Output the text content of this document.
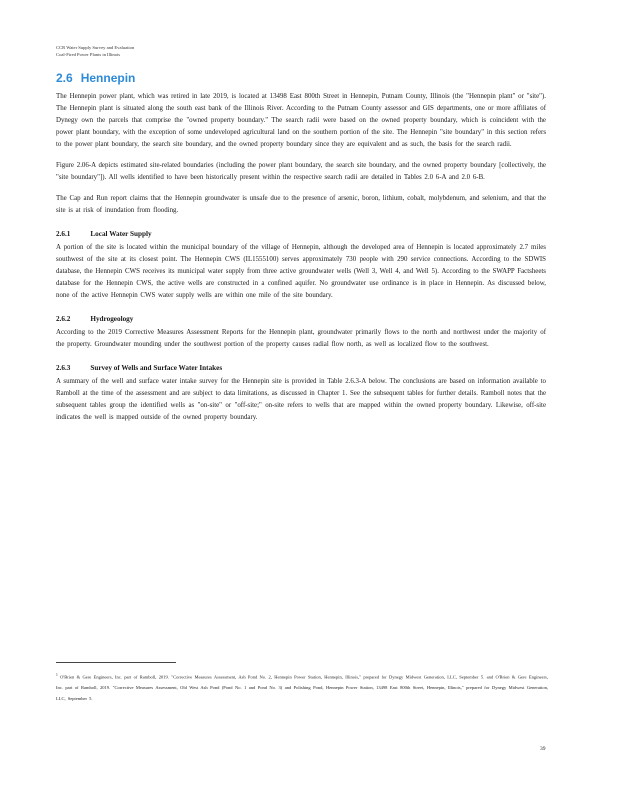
CCR Water Supply Survey and Evaluation
Coal-Fired Power Plants in Illinois
2.6 Hennepin

The Hennepin power plant, which was retired in late 2019, is located at 13498 East 800th Street in Hennepin, Putnam County, Illinois (the "Hennepin plant" or "site"). The Hennepin plant is situated along the south east bank of the Illinois River. According to the Putnam County assessor and GIS departments, one or more affiliates of Dynegy own the parcels that comprise the "owned property boundary." The search radii were based on the owned property boundary, which is coincident with the power plant boundary, with the exception of some undeveloped agricultural land on the southern portion of the site. The Hennepin "site boundary" in this section refers to the power plant boundary, the search site boundary, and the owned property boundary since they are equivalent and as such, the basis for the search radii.

Figure 2.06-A depicts estimated site-related boundaries (including the power plant boundary, the search site boundary, and the owned property boundary [collectively, the "site boundary"]). All wells identified to have been historically present within the respective search radii are detailed in Tables 2.0 6-A and 2.0 6-B.

The Cap and Run report claims that the Hennepin groundwater is unsafe due to the presence of arsenic, boron, lithium, cobalt, molybdenum, and selenium, and that the site is at risk of inundation from flooding.

2.6.1	Local Water Supply

A portion of the site is located within the municipal boundary of the village of Hennepin, although the developed area of Hennepin is located approximately 2.7 miles southwest of the site at its closest point. The Hennepin CWS (IL1555100) serves approximately 730 people with 290 service connections. According to the SDWIS database, the Hennepin CWS receives its municipal water supply from three active groundwater wells (Well 3, Well 4, and Well 5). According to the SWAPP Factsheets database for the Hennepin CWS, the active wells are constructed in a confined aquifer. No groundwater use ordinance is in place in Hennepin. As discussed below, none of the active Hennepin CWS water supply wells are within one mile of the site boundary.

2.6.2	Hydrogeology

According to the 2019 Corrective Measures Assessment Reports for the Hennepin plant, groundwater primarily flows to the north and northwest under the majority of the property. Groundwater mounding under the southwest portion of the property causes radial flow north, as well as localized flow to the southwest.

2.6.3	Survey of Wells and Surface Water Intakes

A summary of the well and surface water intake survey for the Hennepin site is provided in Table 2.6.3-A below. The conclusions are based on information available to Ramboll at the time of the assessment and are subject to data limitations, as discussed in Chapter 1. See the subsequent tables for further details. Ramboll notes that the subsequent tables group the identified wells as "on-site" or "off-site;" on-site refers to wells that are mapped within the owned property boundary. Likewise, off-site indicates the well is mapped outside of the owned property boundary.

$^1$ O'Brien & Gere Engineers, Inc. part of Ramboll, 2019. "Corrective Measures Assessment, Ash Pond No. 2, Hennepin Power Station, Hennepin, Illinois," prepared for Dynegy Midwest Generation, LLC, September 5. and O'Brien & Gere Engineers, Inc. part of Ramboll, 2019. "Corrective Measures Assessment, Old West Ash Pond (Pond No. 1 and Pond No. 3) and Polishing Pond, Hennepin Power Station, 13498 East 800th Street, Hennepin, Illinois," prepared for Dynegy Midwest Generation, LLC, September 5.
39
